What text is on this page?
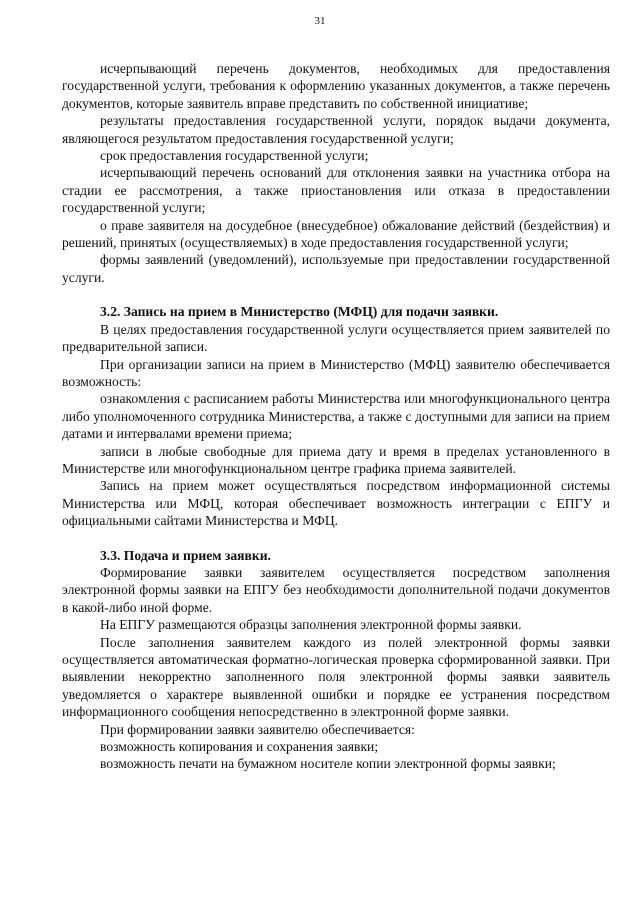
31

исчерпывающий перечень документов, необходимых для предоставления государственной услуги, требования к оформлению указанных документов, а также перечень документов, которые заявитель вправе представить по собственной инициативе;

результаты предоставления государственной услуги, порядок выдачи документа, являющегося результатом предоставления государственной услуги;

срок предоставления государственной услуги;

исчерпывающий перечень оснований для отклонения заявки на участника отбора на стадии ее рассмотрения, а также приостановления или отказа в предоставлении государственной услуги;

о праве заявителя на досудебное (внесудебное) обжалование действий (бездействия) и решений, принятых (осуществляемых) в ходе предоставления государственной услуги;

формы заявлений (уведомлений), используемые при предоставлении государственной услуги.

3.2. Запись на прием в Министерство (МФЦ) для подачи заявки.

В целях предоставления государственной услуги осуществляется прием заявителей по предварительной записи.

При организации записи на прием в Министерство (МФЦ) заявителю обеспечивается возможность:

ознакомления с расписанием работы Министерства или многофункционального центра либо уполномоченного сотрудника Министерства, а также с доступными для записи на прием датами и интервалами времени приема;

записи в любые свободные для приема дату и время в пределах установленного в Министерстве или многофункциональном центре графика приема заявителей.

Запись на прием может осуществляться посредством информационной системы Министерства или МФЦ, которая обеспечивает возможность интеграции с ЕПГУ и официальными сайтами Министерства и МФЦ.

3.3. Подача и прием заявки.

Формирование заявки заявителем осуществляется посредством заполнения электронной формы заявки на ЕПГУ без необходимости дополнительной подачи документов в какой-либо иной форме.

На ЕПГУ размещаются образцы заполнения электронной формы заявки.

После заполнения заявителем каждого из полей электронной формы заявки осуществляется автоматическая форматно-логическая проверка сформированной заявки. При выявлении некорректно заполненного поля электронной формы заявки заявитель уведомляется о характере выявленной ошибки и порядке ее устранения посредством информационного сообщения непосредственно в электронной форме заявки.

При формировании заявки заявителю обеспечивается:

возможность копирования и сохранения заявки;

возможность печати на бумажном носителе копии электронной формы заявки;
